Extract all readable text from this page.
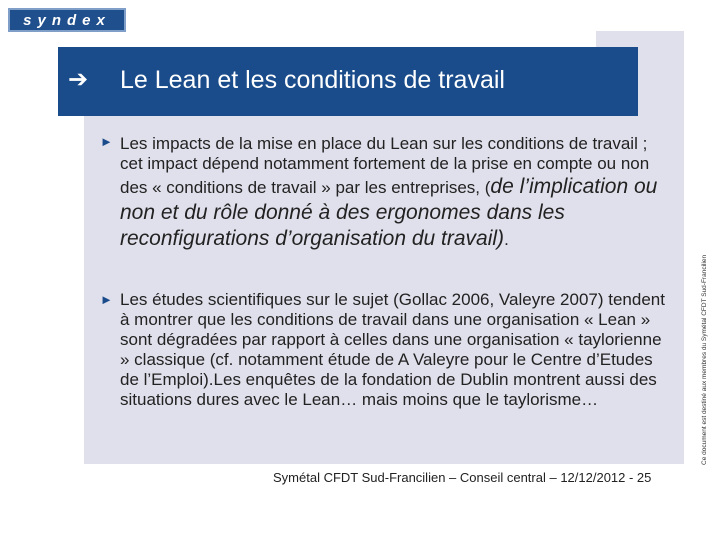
syndex
➔ Le Lean et les conditions de travail
► Les impacts de la mise en place du Lean sur les conditions de travail ; cet impact dépend notamment fortement de la prise en compte ou non des « conditions de travail » par les entreprises, (de l’implication ou non et du rôle donné à des ergonomes dans les reconfigurations d’organisation du travail).
► Les études scientifiques sur le sujet (Gollac 2006, Valeyre 2007) tendent à montrer que les conditions de travail dans une organisation « Lean » sont dégradées par rapport à celles dans une organisation « taylorienne » classique (cf. notamment étude de A Valeyre pour le Centre d’Etudes de l’Emploi).Les enquêtes de la fondation de Dublin montrent aussi des situations dures avec le Lean… mais moins que le taylorisme…
Symétal CFDT Sud-Francilien – Conseil central – 12/12/2012 - 25
Ce document est destiné aux membres du Symétal CFDT Sud-Francilien
